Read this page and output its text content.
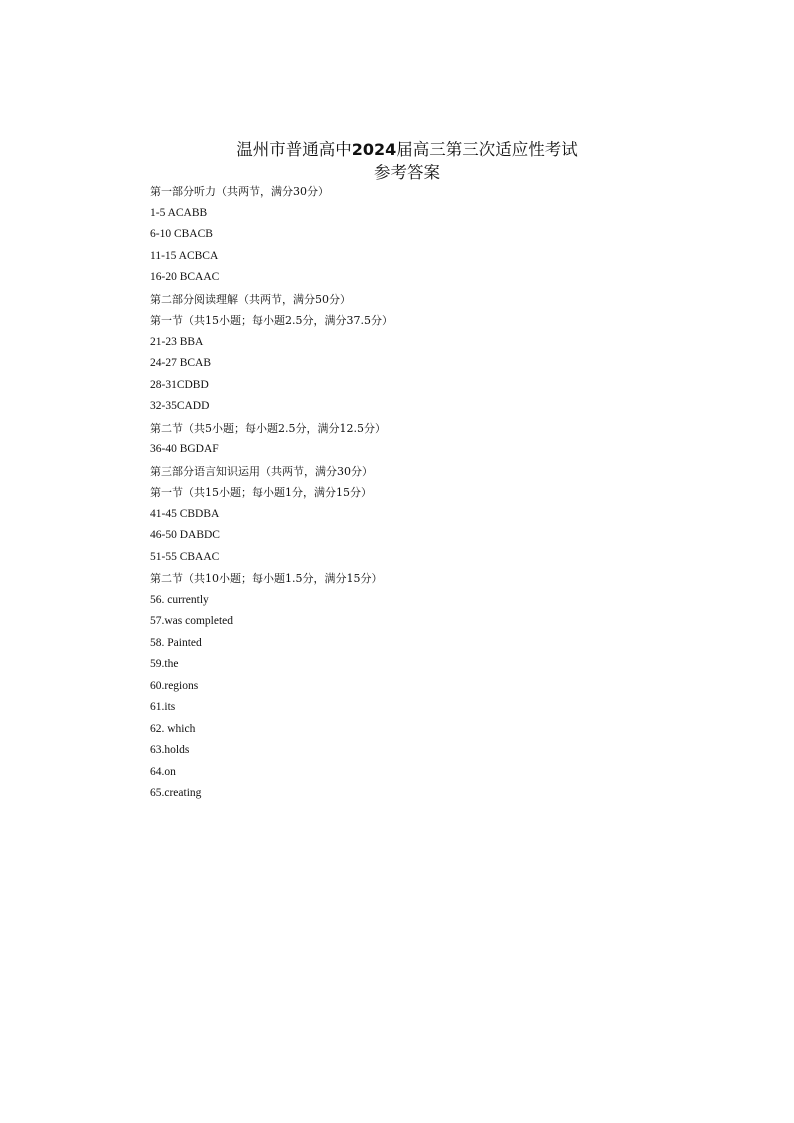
温州市普通高中2024届高三第三次适应性考试
参考答案
第一部分听力（共两节，满分30分）
1-5 ACABB
6-10 CBACB
11-15 ACBCA
16-20 BCAAC
第二部分阅读理解（共两节，满分50分）
第一节（共15小题；每小题2.5分，满分37.5分）
21-23 BBA
24-27 BCAB
28-31CDBD
32-35CADD
第二节（共5小题；每小题2.5分，满分12.5分）
36-40 BGDAF
第三部分语言知识运用（共两节，满分30分）
第一节（共15小题；每小题1分，满分15分）
41-45 CBDBA
46-50 DABDC
51-55 CBAAC
第二节（共10小题；每小题1.5分，满分15分）
56. currently
57.was completed
58. Painted
59.the
60.regions
61.its
62. which
63.holds
64.on
65.creating
